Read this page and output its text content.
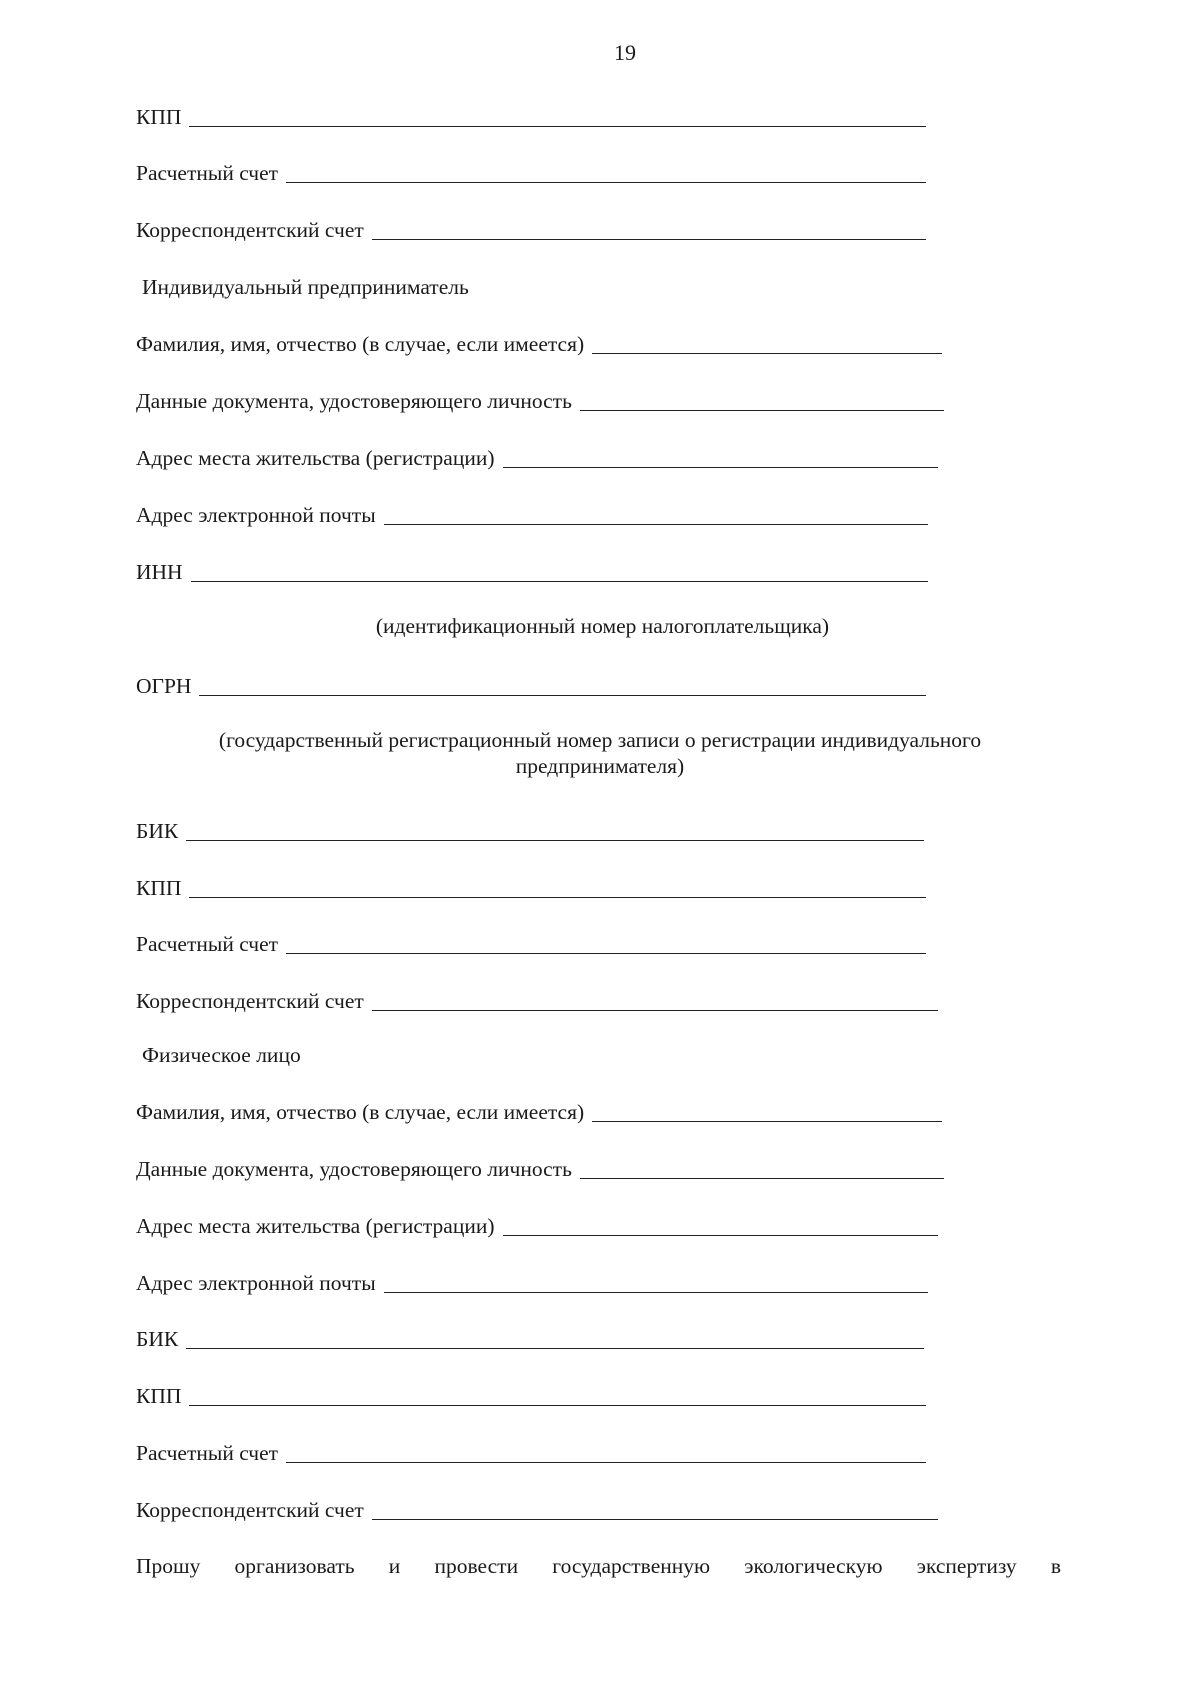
19
КПП
Расчетный счет
Корреспондентский счет
Индивидуальный предприниматель
Фамилия, имя, отчество (в случае, если имеется)
Данные документа, удостоверяющего личность
Адрес места жительства (регистрации)
Адрес электронной почты
ИНН
(идентификационный номер налогоплательщика)
ОГРН
(государственный регистрационный номер записи о регистрации индивидуального предпринимателя)
БИК
КПП
Расчетный счет
Корреспондентский счет
Физическое лицо
Фамилия, имя, отчество (в случае, если имеется)
Данные документа, удостоверяющего личность
Адрес места жительства (регистрации)
Адрес электронной почты
БИК
КПП
Расчетный счет
Корреспондентский счет
Прошу организовать и провести государственную экологическую экспертизу в
